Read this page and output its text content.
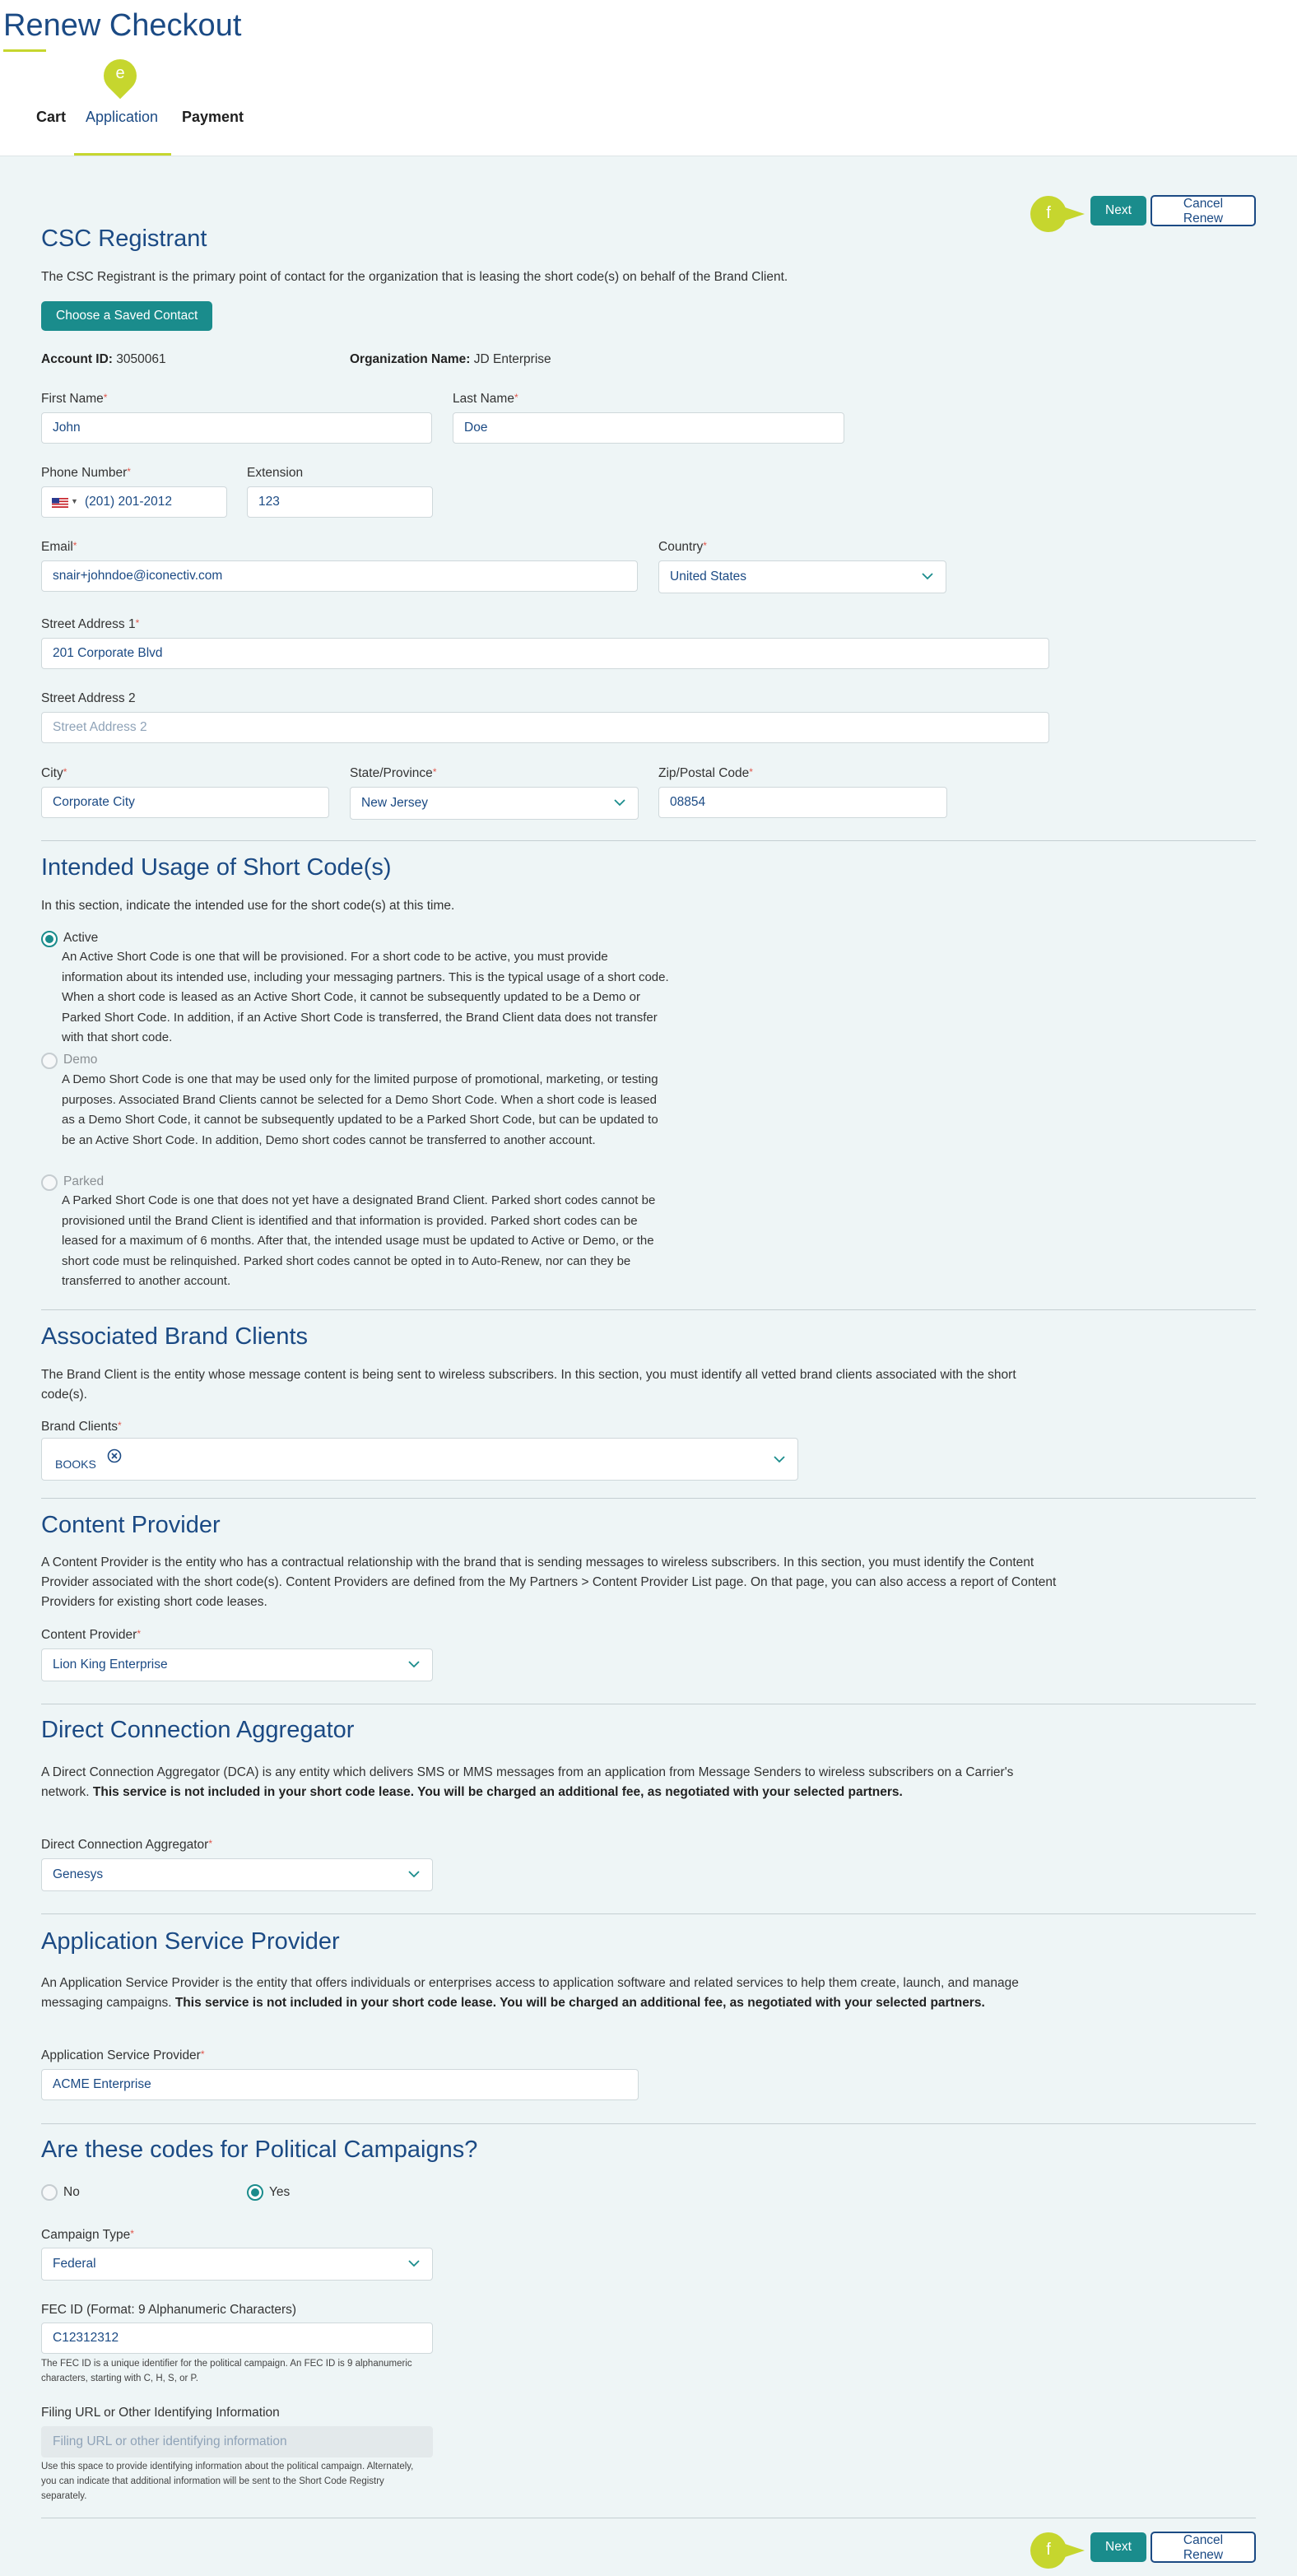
Renew Checkout
Cart Application Payment
e
f	Next	Cancel Renew
CSC Registrant

The CSC Registrant is the primary point of contact for the organization that is leasing the short code(s) on behalf of the Brand Client.

Choose a Saved Contact
Account ID: 3050061	Organization Name: JD Enterprise
First Name*
John	Last Name*
Doe
Phone Number*
▼ (201) 201-2012
Extension
123
Email*
snair+johndoe@iconectiv.com	Country*
United States
Street Address 1*
201 Corporate Blvd
Street Address 2
Street Address 2
City*
Corporate City	State/Province*
New Jersey
Zip/Postal Code*
08854
Intended Usage of Short Code(s)

In this section, indicate the intended use for the short code(s) at this time.

Active

An Active Short Code is one that will be provisioned. For a short code to be active, you must provide information about its intended use, including your messaging partners. This is the typical usage of a short code. When a short code is leased as an Active Short Code, it cannot be subsequently updated to be a Demo or Parked Short Code. In addition, if an Active Short Code is transferred, the Brand Client data does not transfer with that short code.

Demo

A Demo Short Code is one that may be used only for the limited purpose of promotional, marketing, or testing purposes. Associated Brand Clients cannot be selected for a Demo Short Code. When a short code is leased as a Demo Short Code, it cannot be subsequently updated to be a Parked Short Code, but can be updated to be an Active Short Code. In addition, Demo short codes cannot be transferred to another account.

Parked

A Parked Short Code is one that does not yet have a designated Brand Client. Parked short codes cannot be provisioned until the Brand Client is identified and that information is provided. Parked short codes can be leased for a maximum of 6 months. After that, the intended usage must be updated to Active or Demo, or the short code must be relinquished. Parked short codes cannot be opted in to Auto-Renew, nor can they be transferred to another account.

Associated Brand Clients

The Brand Client is the entity whose message content is being sent to wireless subscribers. In this section, you must identify all vetted brand clients associated with the short code(s).

Brand Clients*
BOOKS
Content Provider

A Content Provider is the entity who has a contractual relationship with the brand that is sending messages to wireless subscribers. In this section, you must identify the Content Provider associated with the short code(s). Content Providers are defined from the My Partners > Content Provider List page. On that page, you can also access a report of Content Providers for existing short code leases.

Content Provider*
Lion King Enterprise
Direct Connection Aggregator

A Direct Connection Aggregator (DCA) is any entity which delivers SMS or MMS messages from an application from Message Senders to wireless subscribers on a Carrier's network. This service is not included in your short code lease. You will be charged an additional fee, as negotiated with your selected partners.

Direct Connection Aggregator*
Genesys
Application Service Provider

An Application Service Provider is the entity that offers individuals or enterprises access to application software and related services to help them create, launch, and manage messaging campaigns. This service is not included in your short code lease. You will be charged an additional fee, as negotiated with your selected partners.

Application Service Provider*
ACME Enterprise
Are these codes for Political Campaigns?
No	Yes
Campaign Type*
Federal
FEC ID (Format: 9 Alphanumeric Characters)
C12312312

The FEC ID is a unique identifier for the political campaign. An FEC ID is 9 alphanumeric characters, starting with C, H, S, or P.

Filing URL or Other Identifying Information
Filing URL or other identifying information

Use this space to provide identifying information about the political campaign. Alternately, you can indicate that additional information will be sent to the Short Code Registry separately.

f	Next	Cancel Renew
